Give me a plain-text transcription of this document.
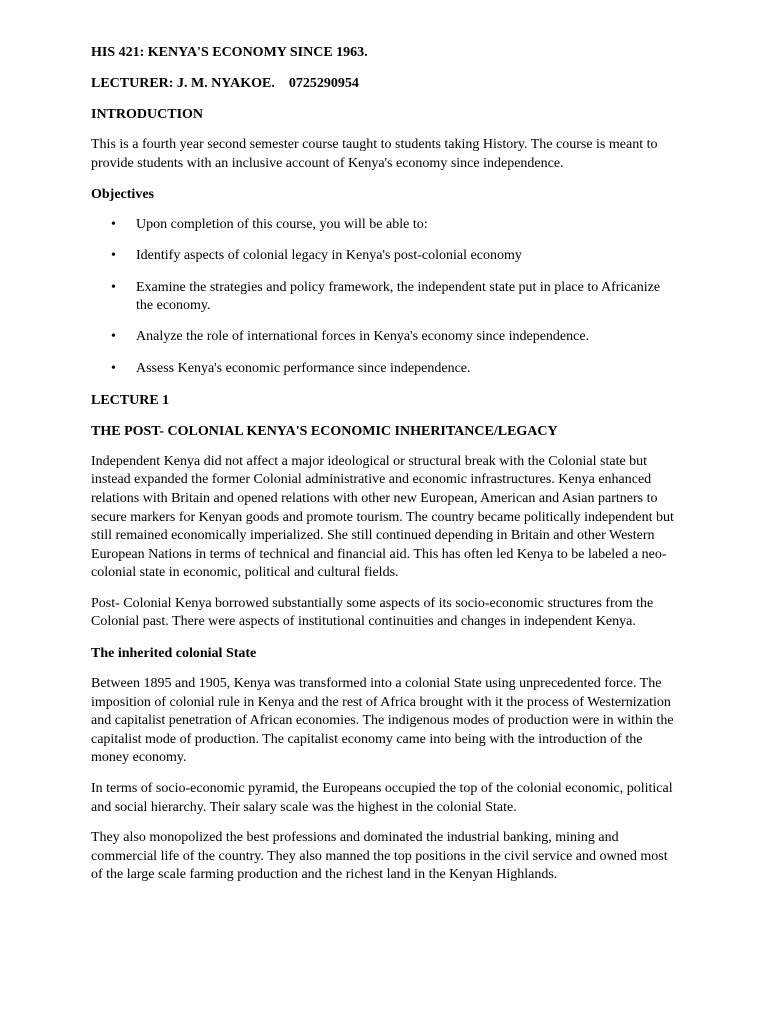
HIS 421: KENYA'S ECONOMY SINCE 1963.

LECTURER: J. M. NYAKOE. 0725290954

INTRODUCTION

This is a fourth year second semester course taught to students taking History. The course is meant to provide students with an inclusive account of Kenya's economy since independence.

Objectives

• Upon completion of this course, you will be able to:
• Identify aspects of colonial legacy in Kenya's post-colonial economy
• Examine the strategies and policy framework, the independent state put in place to Africanize the economy.
• Analyze the role of international forces in Kenya's economy since independence.
• Assess Kenya's economic performance since independence.

LECTURE 1

THE POST- COLONIAL KENYA'S ECONOMIC INHERITANCE/LEGACY

Independent Kenya did not affect a major ideological or structural break with the Colonial state but instead expanded the former Colonial administrative and economic infrastructures. Kenya enhanced relations with Britain and opened relations with other new European, American and Asian partners to secure markers for Kenyan goods and promote tourism. The country became politically independent but still remained economically imperialized. She still continued depending in Britain and other Western European Nations in terms of technical and financial aid. This has often led Kenya to be labeled a neo-colonial state in economic, political and cultural fields.

Post- Colonial Kenya borrowed substantially some aspects of its socio-economic structures from the Colonial past. There were aspects of institutional continuities and changes in independent Kenya.

The inherited colonial State

Between 1895 and 1905, Kenya was transformed into a colonial State using unprecedented force. The imposition of colonial rule in Kenya and the rest of Africa brought with it the process of Westernization and capitalist penetration of African economies. The indigenous modes of production were in within the capitalist mode of production. The capitalist economy came into being with the introduction of the money economy.

In terms of socio-economic pyramid, the Europeans occupied the top of the colonial economic, political and social hierarchy. Their salary scale was the highest in the colonial State.

They also monopolized the best professions and dominated the industrial banking, mining and commercial life of the country. They also manned the top positions in the civil service and owned most of the large scale farming production and the richest land in the Kenyan Highlands.
